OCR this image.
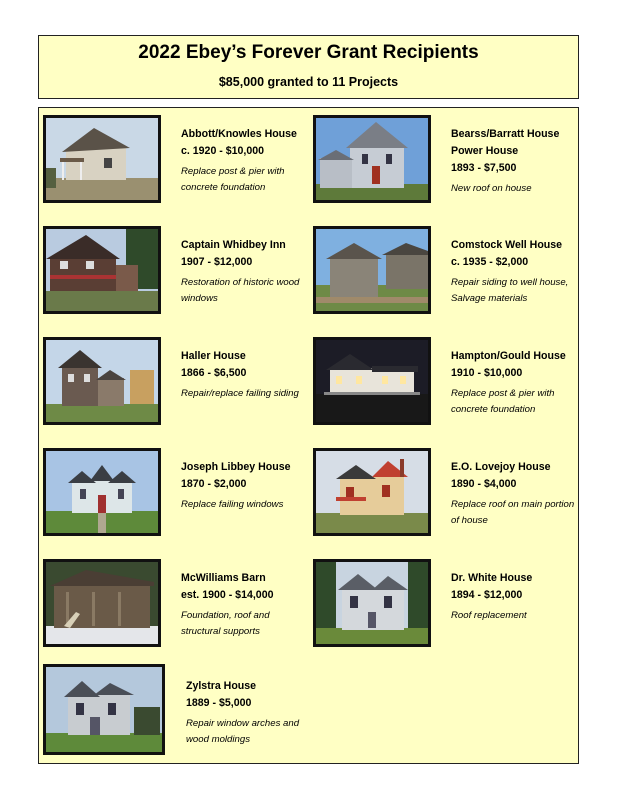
2022 Ebey’s Forever Grant Recipients
$85,000 granted to 11 Projects
Abbott/Knowles House
c. 1920 - $10,000
Replace post & pier with concrete foundation
Bearss/Barratt House
Power House
1893 - $7,500
New roof on house
Captain Whidbey Inn
1907 - $12,000
Restoration of historic wood windows
Comstock Well House
c. 1935 - $2,000
Repair siding to well house, Salvage materials
Haller House
1866 - $6,500
Repair/replace failing siding
Hampton/Gould House
1910 - $10,000
Replace post & pier with concrete foundation
Joseph Libbey House
1870 - $2,000
Replace failing windows
E.O. Lovejoy House
1890 - $4,000
Replace roof on main portion of house
McWilliams Barn
est. 1900 - $14,000
Foundation, roof and structural supports
Dr. White House
1894 - $12,000
Roof replacement
Zylstra House
1889 - $5,000
Repair window arches and wood moldings
